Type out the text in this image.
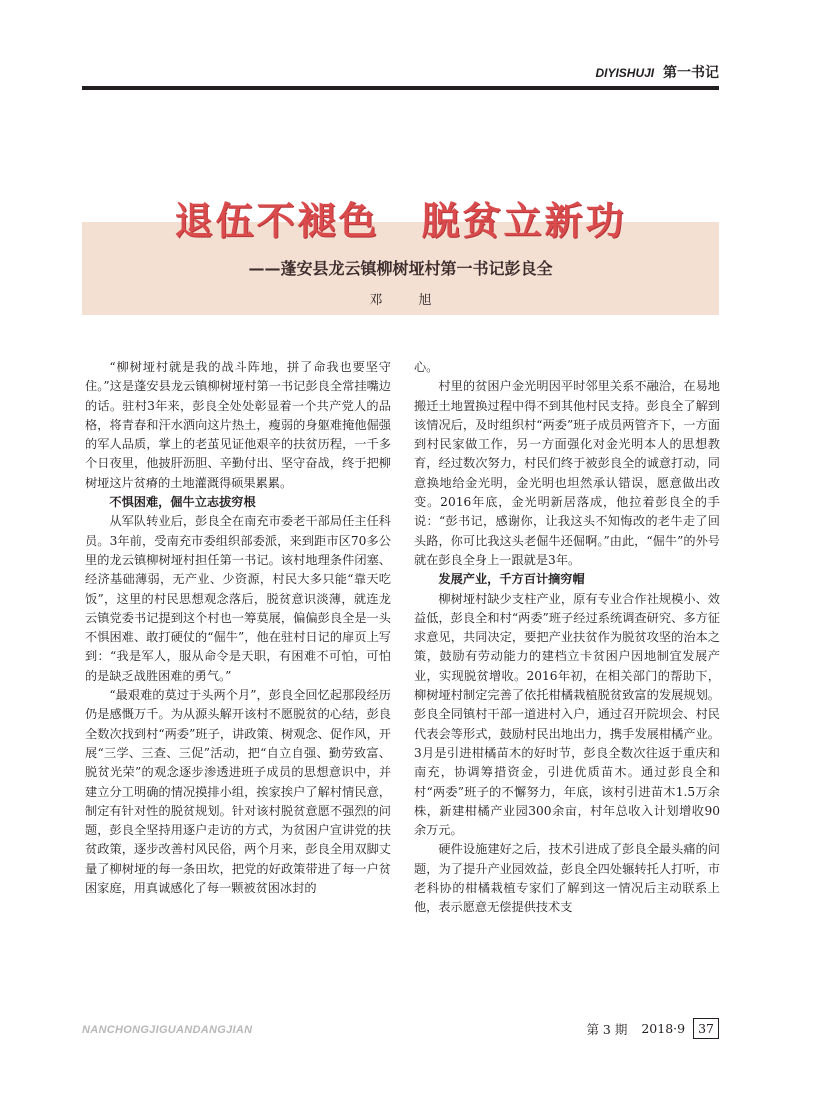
DIYISHUJI 第一书记
退伍不褪色 脱贫立新功
——蓬安县龙云镇柳树垭村第一书记彭良全
邓 旭

“柳树垭村就是我的战斗阵地，拼了命我也要坚守住。”这是蓬安县龙云镇柳树垭村第一书记彭良全常挂嘴边的话。驻村3年来，彭良全处处彰显着一个共产党人的品格，将青春和汗水洒向这片热土，瘦弱的身躯难掩他倔强的军人品质，掌上的老茧见证他艰辛的扶贫历程，一千多个日夜里，他披肝沥胆、辛勤付出、坚守奋战，终于把柳树垭这片贫瘠的土地灌溉得硕果累累。

不惧困难，倔牛立志拔穷根

从军队转业后，彭良全在南充市委老干部局任主任科员。3年前，受南充市委组织部委派，来到距市区70多公里的龙云镇柳树垭村担任第一书记。该村地理条件闭塞、经济基础薄弱，无产业、少资源，村民大多只能“靠天吃饭”，这里的村民思想观念落后，脱贫意识淡薄，就连龙云镇党委书记提到这个村也一筹莫展，偏偏彭良全是一头不惧困难、敢打硬仗的“倔牛”，他在驻村日记的扉页上写到：“我是军人，服从命令是天职，有困难不可怕，可怕的是缺乏战胜困难的勇气。”

“最艰难的莫过于头两个月”，彭良全回忆起那段经历仍是感慨万千。为从源头解开该村不愿脱贫的心结，彭良全数次找到村“两委”班子，讲政策、树观念、促作风，开展“三学、三查、三促”活动，把“自立自强、勤劳致富、脱贫光荣”的观念逐步渗透进班子成员的思想意识中，并建立分工明确的情况摸排小组，挨家挨户了解村情民意，制定有针对性的脱贫规划。针对该村脱贫意愿不强烈的问题，彭良全坚持用逐户走访的方式，为贫困户宣讲党的扶贫政策，逐步改善村风民俗，两个月来，彭良全用双脚丈量了柳树垭的每一条田坎，把党的好政策带进了每一户贫困家庭，用真诚感化了每一颗被贫困冰封的

心。

村里的贫困户金光明因平时邻里关系不融洽，在易地搬迁土地置换过程中得不到其他村民支持。彭良全了解到该情况后，及时组织村“两委”班子成员两管齐下，一方面到村民家做工作，另一方面强化对金光明本人的思想教育，经过数次努力，村民们终于被彭良全的诚意打动，同意换地给金光明，金光明也坦然承认错误，愿意做出改变。2016年底，金光明新居落成，他拉着彭良全的手说：“彭书记，感谢你，让我这头不知悔改的老牛走了回头路，你可比我这头老倔牛还倔啊。”由此，“倔牛”的外号就在彭良全身上一跟就是3年。

发展产业，千方百计摘穷帽

柳树垭村缺少支柱产业，原有专业合作社规模小、效益低，彭良全和村“两委”班子经过系统调查研究、多方征求意见，共同决定，要把产业扶贫作为脱贫攻坚的治本之策，鼓励有劳动能力的建档立卡贫困户因地制宜发展产业，实现脱贫增收。2016年初，在相关部门的帮助下，柳树垭村制定完善了依托柑橘栽植脱贫致富的发展规划。彭良全同镇村干部一道进村入户，通过召开院坝会、村民代表会等形式，鼓励村民出地出力，携手发展柑橘产业。3月是引进柑橘苗木的好时节，彭良全数次往返于重庆和南充，协调筹措资金，引进优质苗木。通过彭良全和村“两委”班子的不懈努力，年底，该村引进苗木1.5万余株，新建柑橘产业园300余亩，村年总收入计划增收90余万元。

硬件设施建好之后，技术引进成了彭良全最头痛的问题，为了提升产业园效益，彭良全四处辗转托人打听，市老科协的柑橘栽植专家们了解到这一情况后主动联系上他，表示愿意无偿提供技术支

NANCHONGJIGUANDANGJIAN	第 3 期 2018·9	37
